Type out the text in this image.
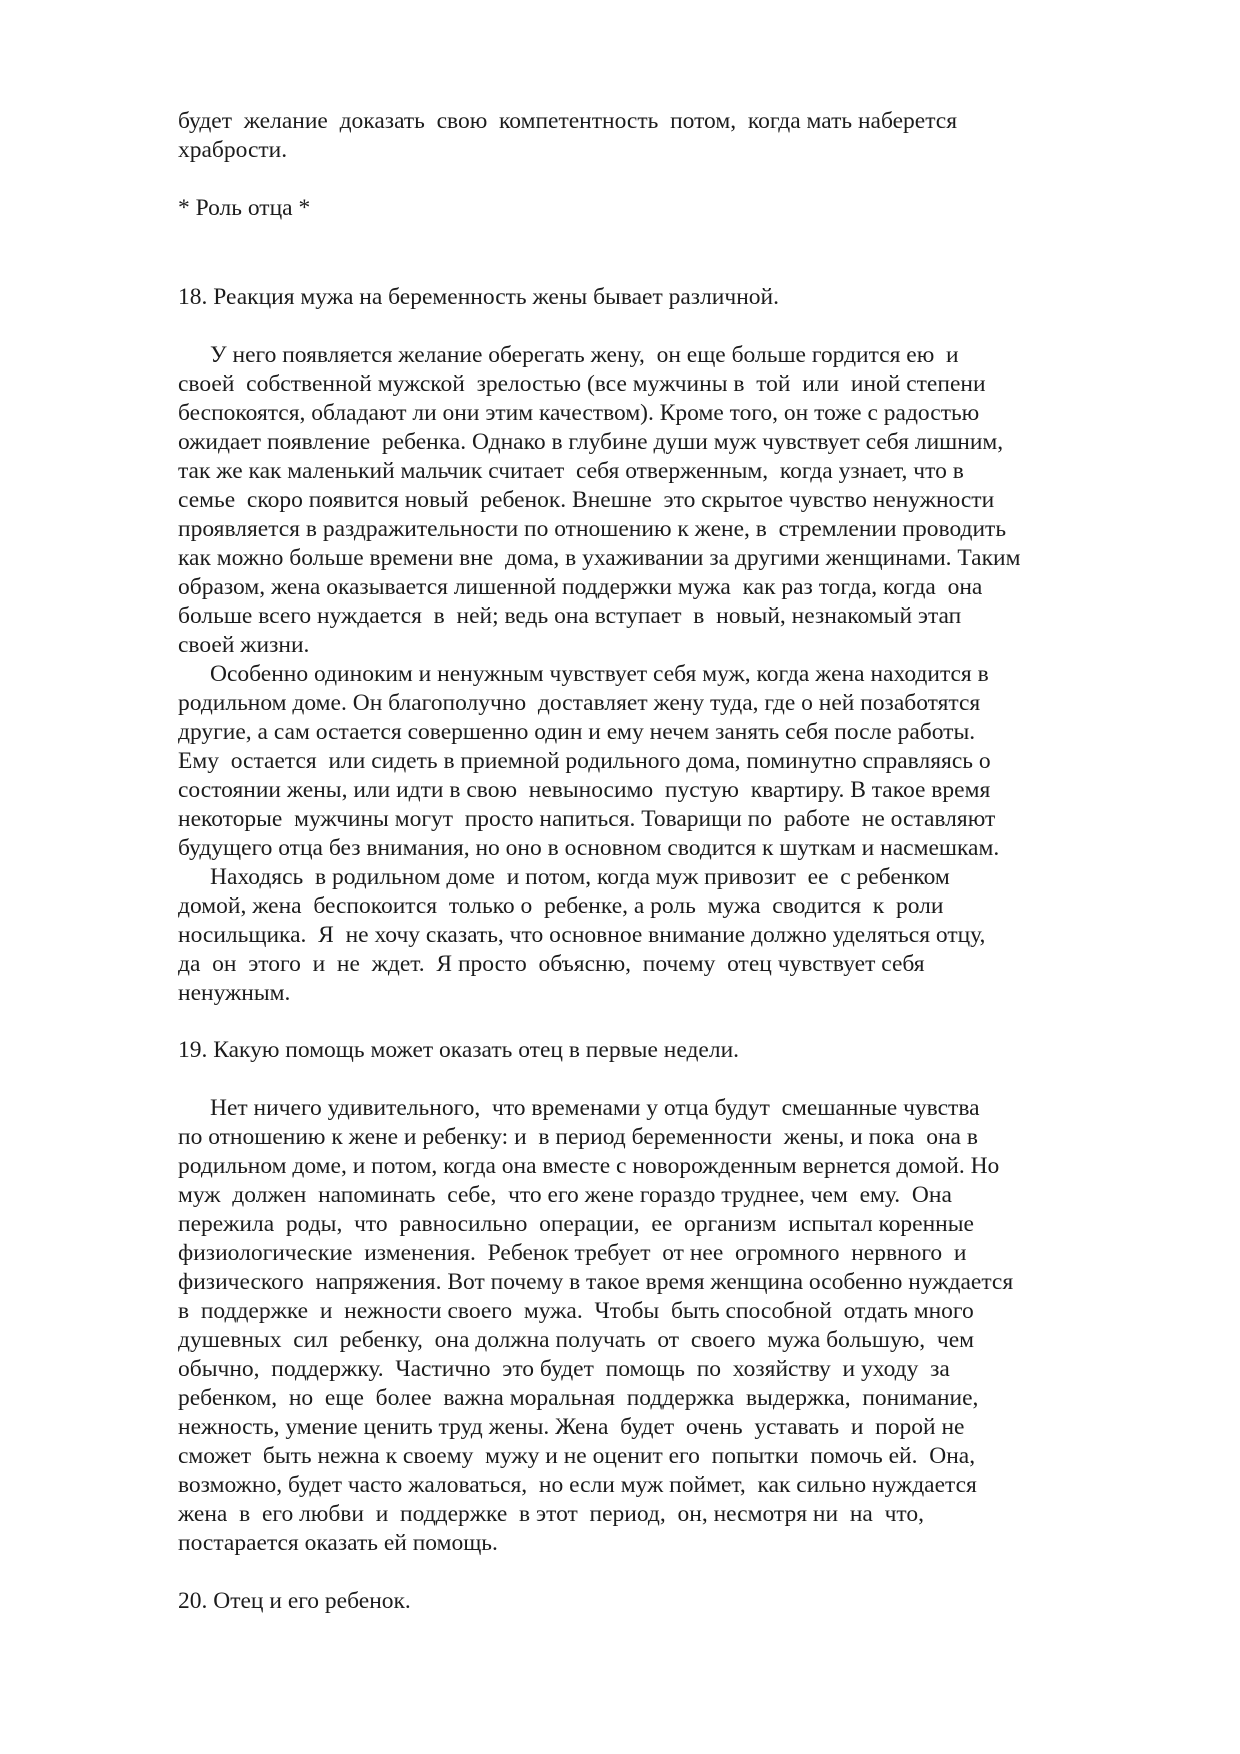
будет  желание  доказать  свою  компетентность  потом,  когда мать наберется
храбрости.
* Роль отца *
18. Реакция мужа на беременность жены бывает различной.
У него появляется желание оберегать жену,  он еще больше гордится ею  и
своей  собственной мужской  зрелостью (все мужчины в  той  или  иной степени
беспокоятся, обладают ли они этим качеством). Кроме того, он тоже с радостью
ожидает появление  ребенка. Однако в глубине души муж чувствует себя лишним,
так же как маленький мальчик считает  себя отверженным,  когда узнает, что в
семье  скоро появится новый  ребенок. Внешне  это скрытое чувство ненужности
проявляется в раздражительности по отношению к жене, в  стремлении проводить
как можно больше времени вне  дома, в ухаживании за другими женщинами. Таким
образом, жена оказывается лишенной поддержки мужа  как раз тогда, когда  она
больше всего нуждается  в  ней; ведь она вступает  в  новый, незнакомый этап
своей жизни.
Особенно одиноким и ненужным чувствует себя муж, когда жена находится в
родильном доме. Он благополучно  доставляет жену туда, где о ней позаботятся
другие, а сам остается совершенно один и ему нечем занять себя после работы.
Ему  остается  или сидеть в приемной родильного дома, поминутно справляясь о
состоянии жены, или идти в свою  невыносимо  пустую  квартиру. В такое время
некоторые  мужчины могут  просто напиться. Товарищи по  работе  не оставляют
будущего отца без внимания, но оно в основном сводится к шуткам и насмешкам.
Находясь  в родильном доме  и потом, когда муж привозит  ее  с ребенком
домой, жена  беспокоится  только о  ребенке, а роль  мужа  сводится  к  роли
носильщика.  Я  не хочу сказать, что основное внимание должно уделяться отцу,
да  он  этого  и  не  ждет.  Я просто  объясню,  почему  отец чувствует себя
ненужным.
19. Какую помощь может оказать отец в первые недели.
Нет ничего удивительного,  что временами у отца будут  смешанные чувства
по отношению к жене и ребенку: и  в период беременности  жены, и пока  она в
родильном доме, и потом, когда она вместе с новорожденным вернется домой. Но
муж  должен  напоминать  себе,  что его жене гораздо труднее, чем  ему.  Она
пережила  роды,  что  равносильно  операции,  ее  организм  испытал коренные
физиологические  изменения.  Ребенок требует  от нее  огромного  нервного  и
физического  напряжения. Вот почему в такое время женщина особенно нуждается
в  поддержке  и  нежности своего  мужа.  Чтобы  быть способной  отдать много
душевных  сил  ребенку,  она должна получать  от  своего  мужа большую,  чем
обычно,  поддержку.  Частично  это будет  помощь  по  хозяйству  и уходу  за
ребенком,  но  еще  более  важна моральная  поддержка  выдержка,  понимание,
нежность, умение ценить труд жены. Жена  будет  очень  уставать  и  порой не
сможет  быть нежна к своему  мужу и не оценит его  попытки  помочь ей.  Она,
возможно, будет часто жаловаться,  но если муж поймет,  как сильно нуждается
жена  в  его любви  и  поддержке  в этот  период,  он, несмотря ни  на  что,
постарается оказать ей помощь.
20. Отец и его ребенок.
